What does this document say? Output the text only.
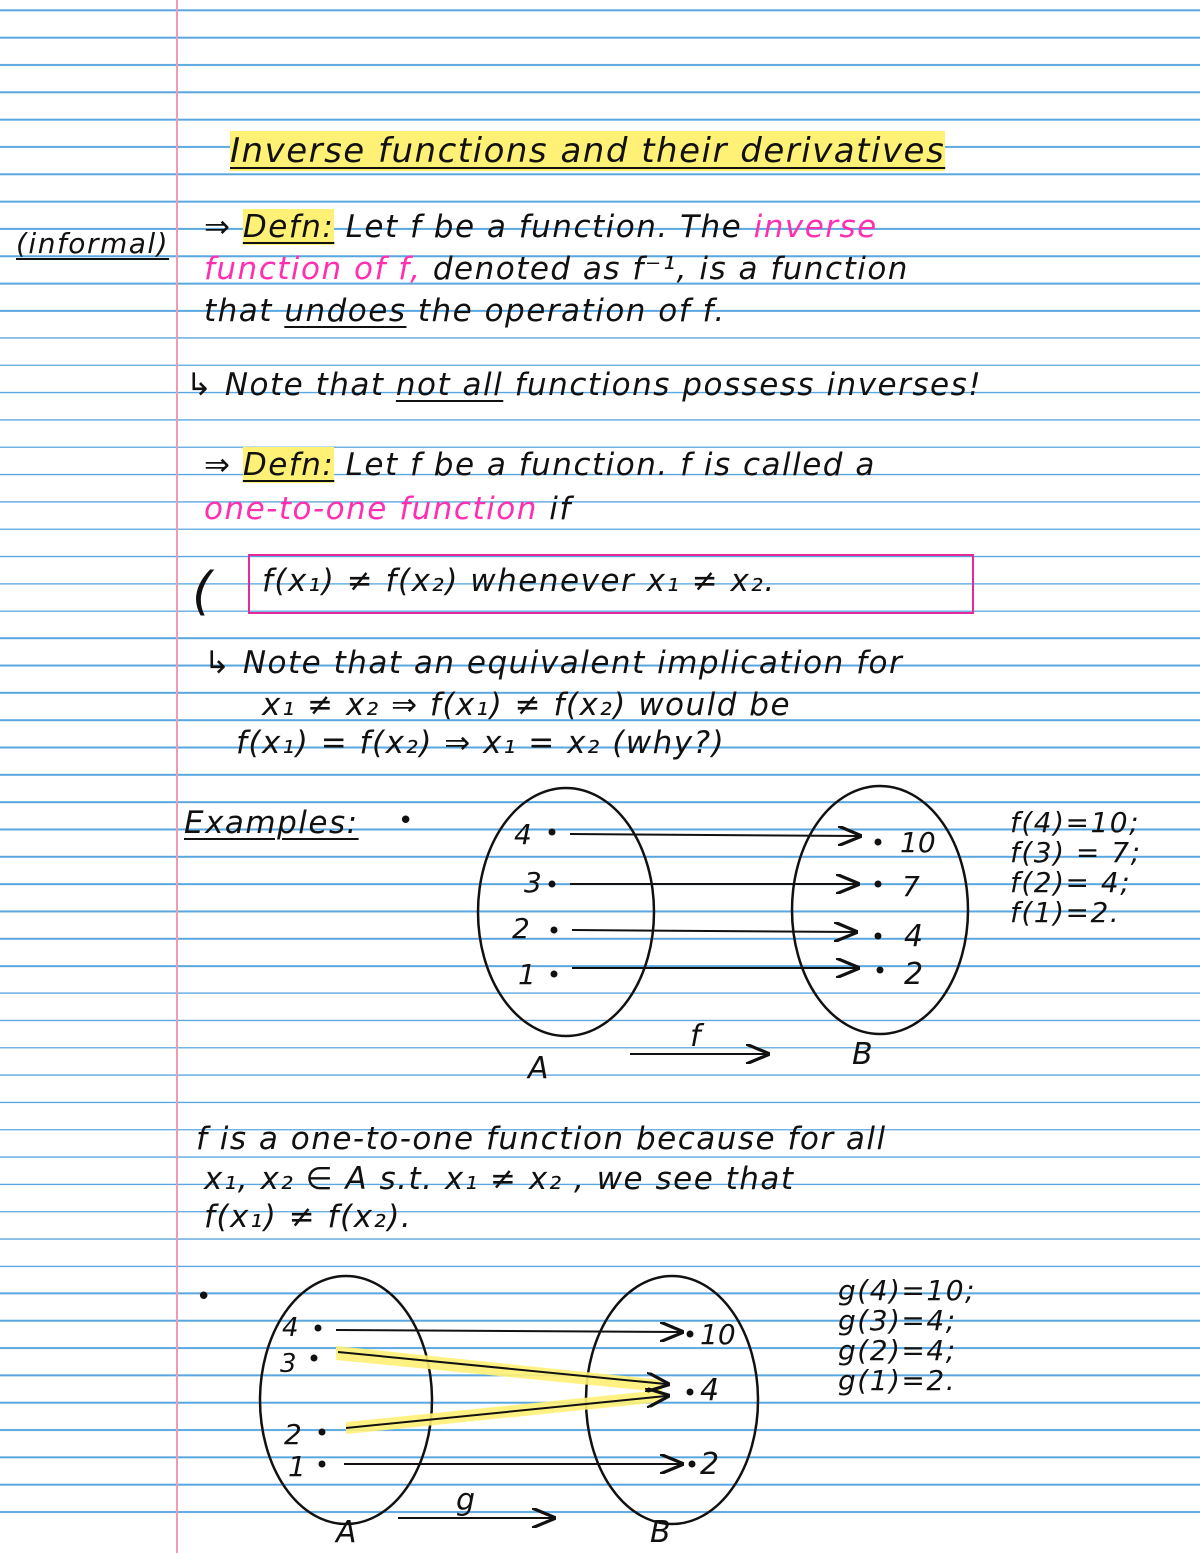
Inverse functions and their derivatives
(informal) ⇒ Defn: Let f be a function. The inverse
function of f, denoted as f⁻¹, is a function
that undoes the operation of f.
↳ Note that not all functions possess inverses!
⇒ Defn: Let f be a function. f is called a
one-to-one function if
f(x₁) ≠ f(x₂) whenever x₁ ≠ x₂.
(
↳ Note that an equivalent implication for
x₁ ≠ x₂ ⇒ f(x₁) ≠ f(x₂) would be
f(x₁) = f(x₂) ⇒ x₁ = x₂ (why?)
Examples: •	4
3
2
1
10
7
4
2
A	B
f
4
3
2
1
10
4
2
A	B
g
f(4)=10;
f(3) = 7;
f(2)= 4;
f(1)=2.
f is a one-to-one function because for all
x₁, x₂ ∈ A s.t. x₁ ≠ x₂ , we see that
f(x₁) ≠ f(x₂).
•	g(4)=10;
g(3)=4;
g(2)=4;
g(1)=2.
